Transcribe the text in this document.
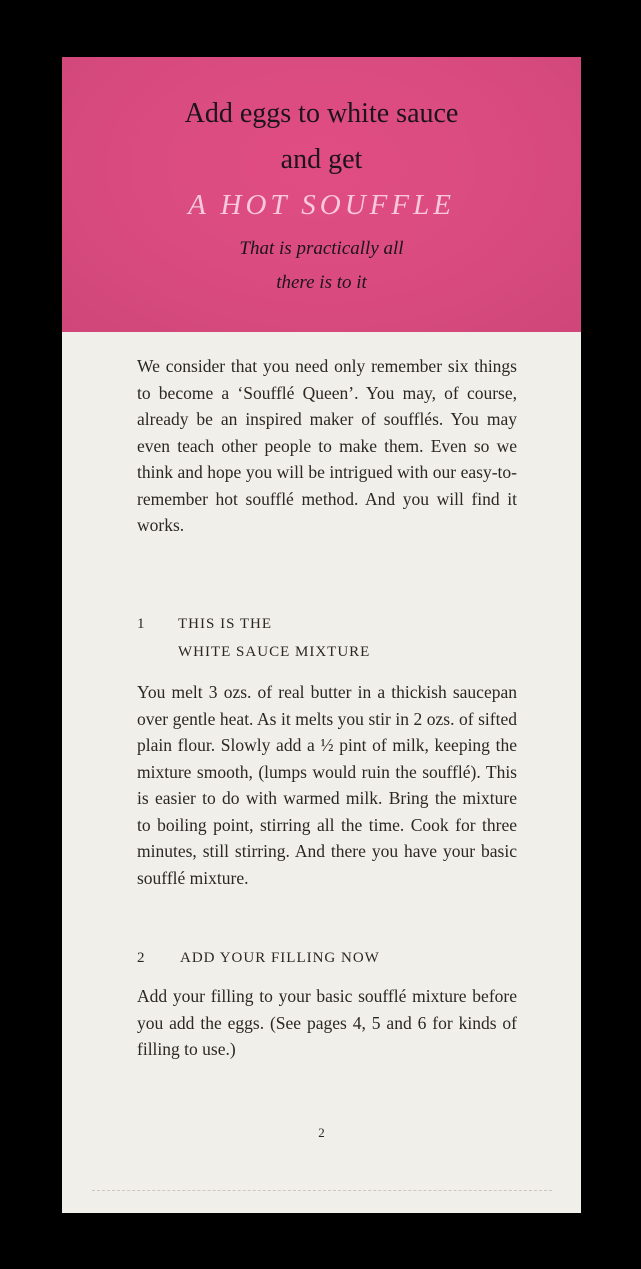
Add eggs to white sauce
and get
A HOT SOUFFLE
That is practically all
there is to it
We consider that you need only remember six things to become a ‘Soufflé Queen’. You may, of course, already be an inspired maker of soufflés. You may even teach other people to make them. Even so we think and hope you will be intrigued with our easy-to-remember hot soufflé method. And you will find it works.
1 THIS IS THE
WHITE SAUCE MIXTURE
You melt 3 ozs. of real butter in a thickish saucepan over gentle heat. As it melts you stir in 2 ozs. of sifted plain flour. Slowly add a ½ pint of milk, keeping the mixture smooth, (lumps would ruin the soufflé). This is easier to do with warmed milk. Bring the mixture to boiling point, stirring all the time. Cook for three minutes, still stirring. And there you have your basic soufflé mixture.
2 ADD YOUR FILLING NOW
Add your filling to your basic soufflé mixture before you add the eggs. (See pages 4, 5 and 6 for kinds of filling to use.)
2
